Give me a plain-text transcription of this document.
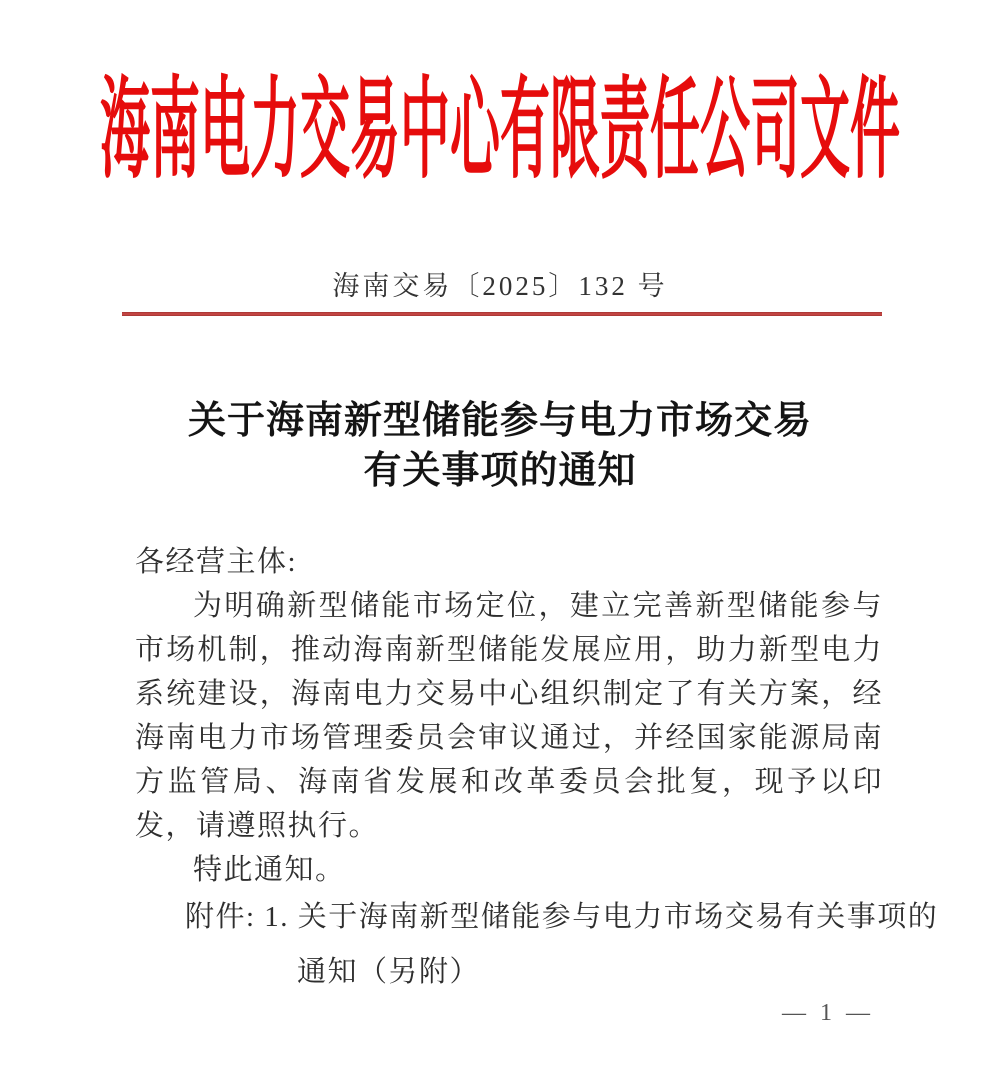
海南电力交易中心有限责任公司文件
海南交易〔2025〕132 号
关于海南新型储能参与电力市场交易
有关事项的通知
各经营主体:
为明确新型储能市场定位，建立完善新型储能参与市场机制，推动海南新型储能发展应用，助力新型电力系统建设，海南电力交易中心组织制定了有关方案，经海南电力市场管理委员会审议通过，并经国家能源局南方监管局、海南省发展和改革委员会批复，现予以印发，请遵照执行。
特此通知。
附件: 1. 关于海南新型储能参与电力市场交易有关事项的
通知（另附）
— 1 —
